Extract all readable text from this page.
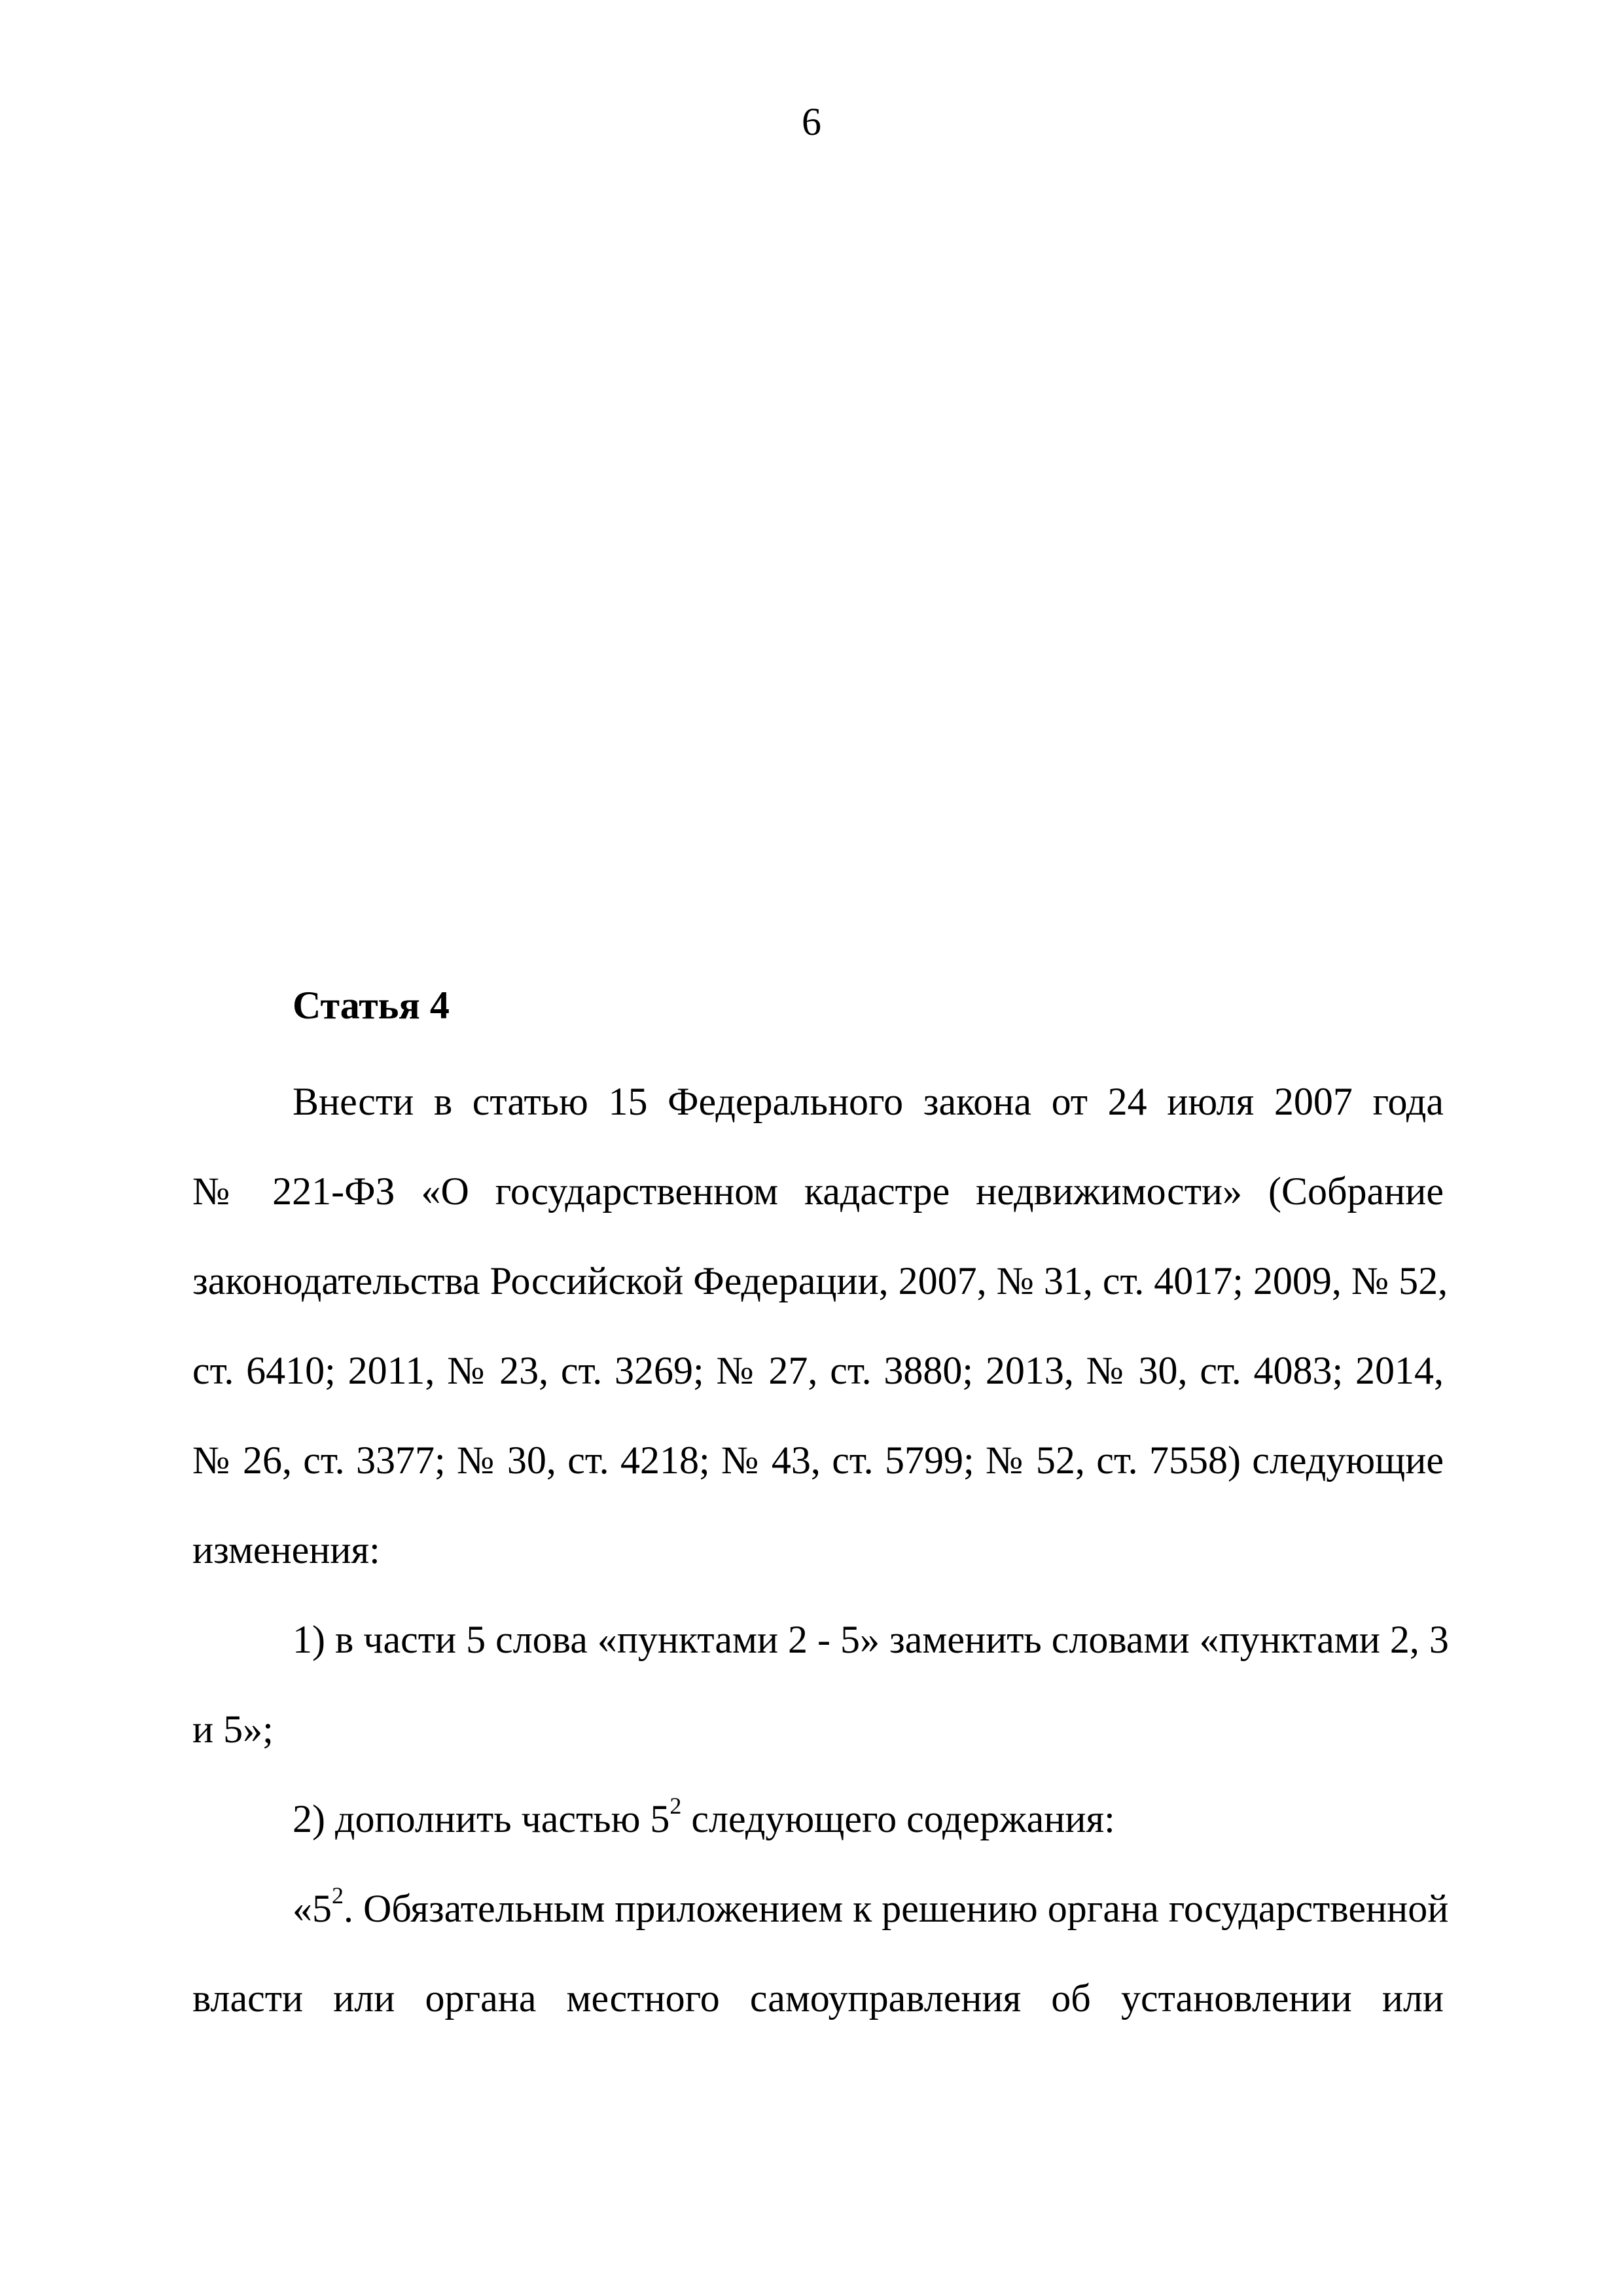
6
Статья 4
Внести в статью 15 Федерального закона от 24 июля 2007 года
№ 221-ФЗ «О государственном кадастре недвижимости» (Собрание
законодательства Российской Федерации, 2007, № 31, ст. 4017; 2009, № 52,
ст. 6410; 2011, № 23, ст. 3269; № 27, ст. 3880; 2013, № 30, ст. 4083; 2014,
№ 26, ст. 3377; № 30, ст. 4218; № 43, ст. 5799; № 52, ст. 7558) следующие
изменения:
1) в части 5 слова «пунктами 2 - 5» заменить словами «пунктами 2, 3
и 5»;
2) дополнить частью $5^2$ следующего содержания:
«$5^2$. Обязательным приложением к решению органа государственной
власти или органа местного самоуправления об установлении или
